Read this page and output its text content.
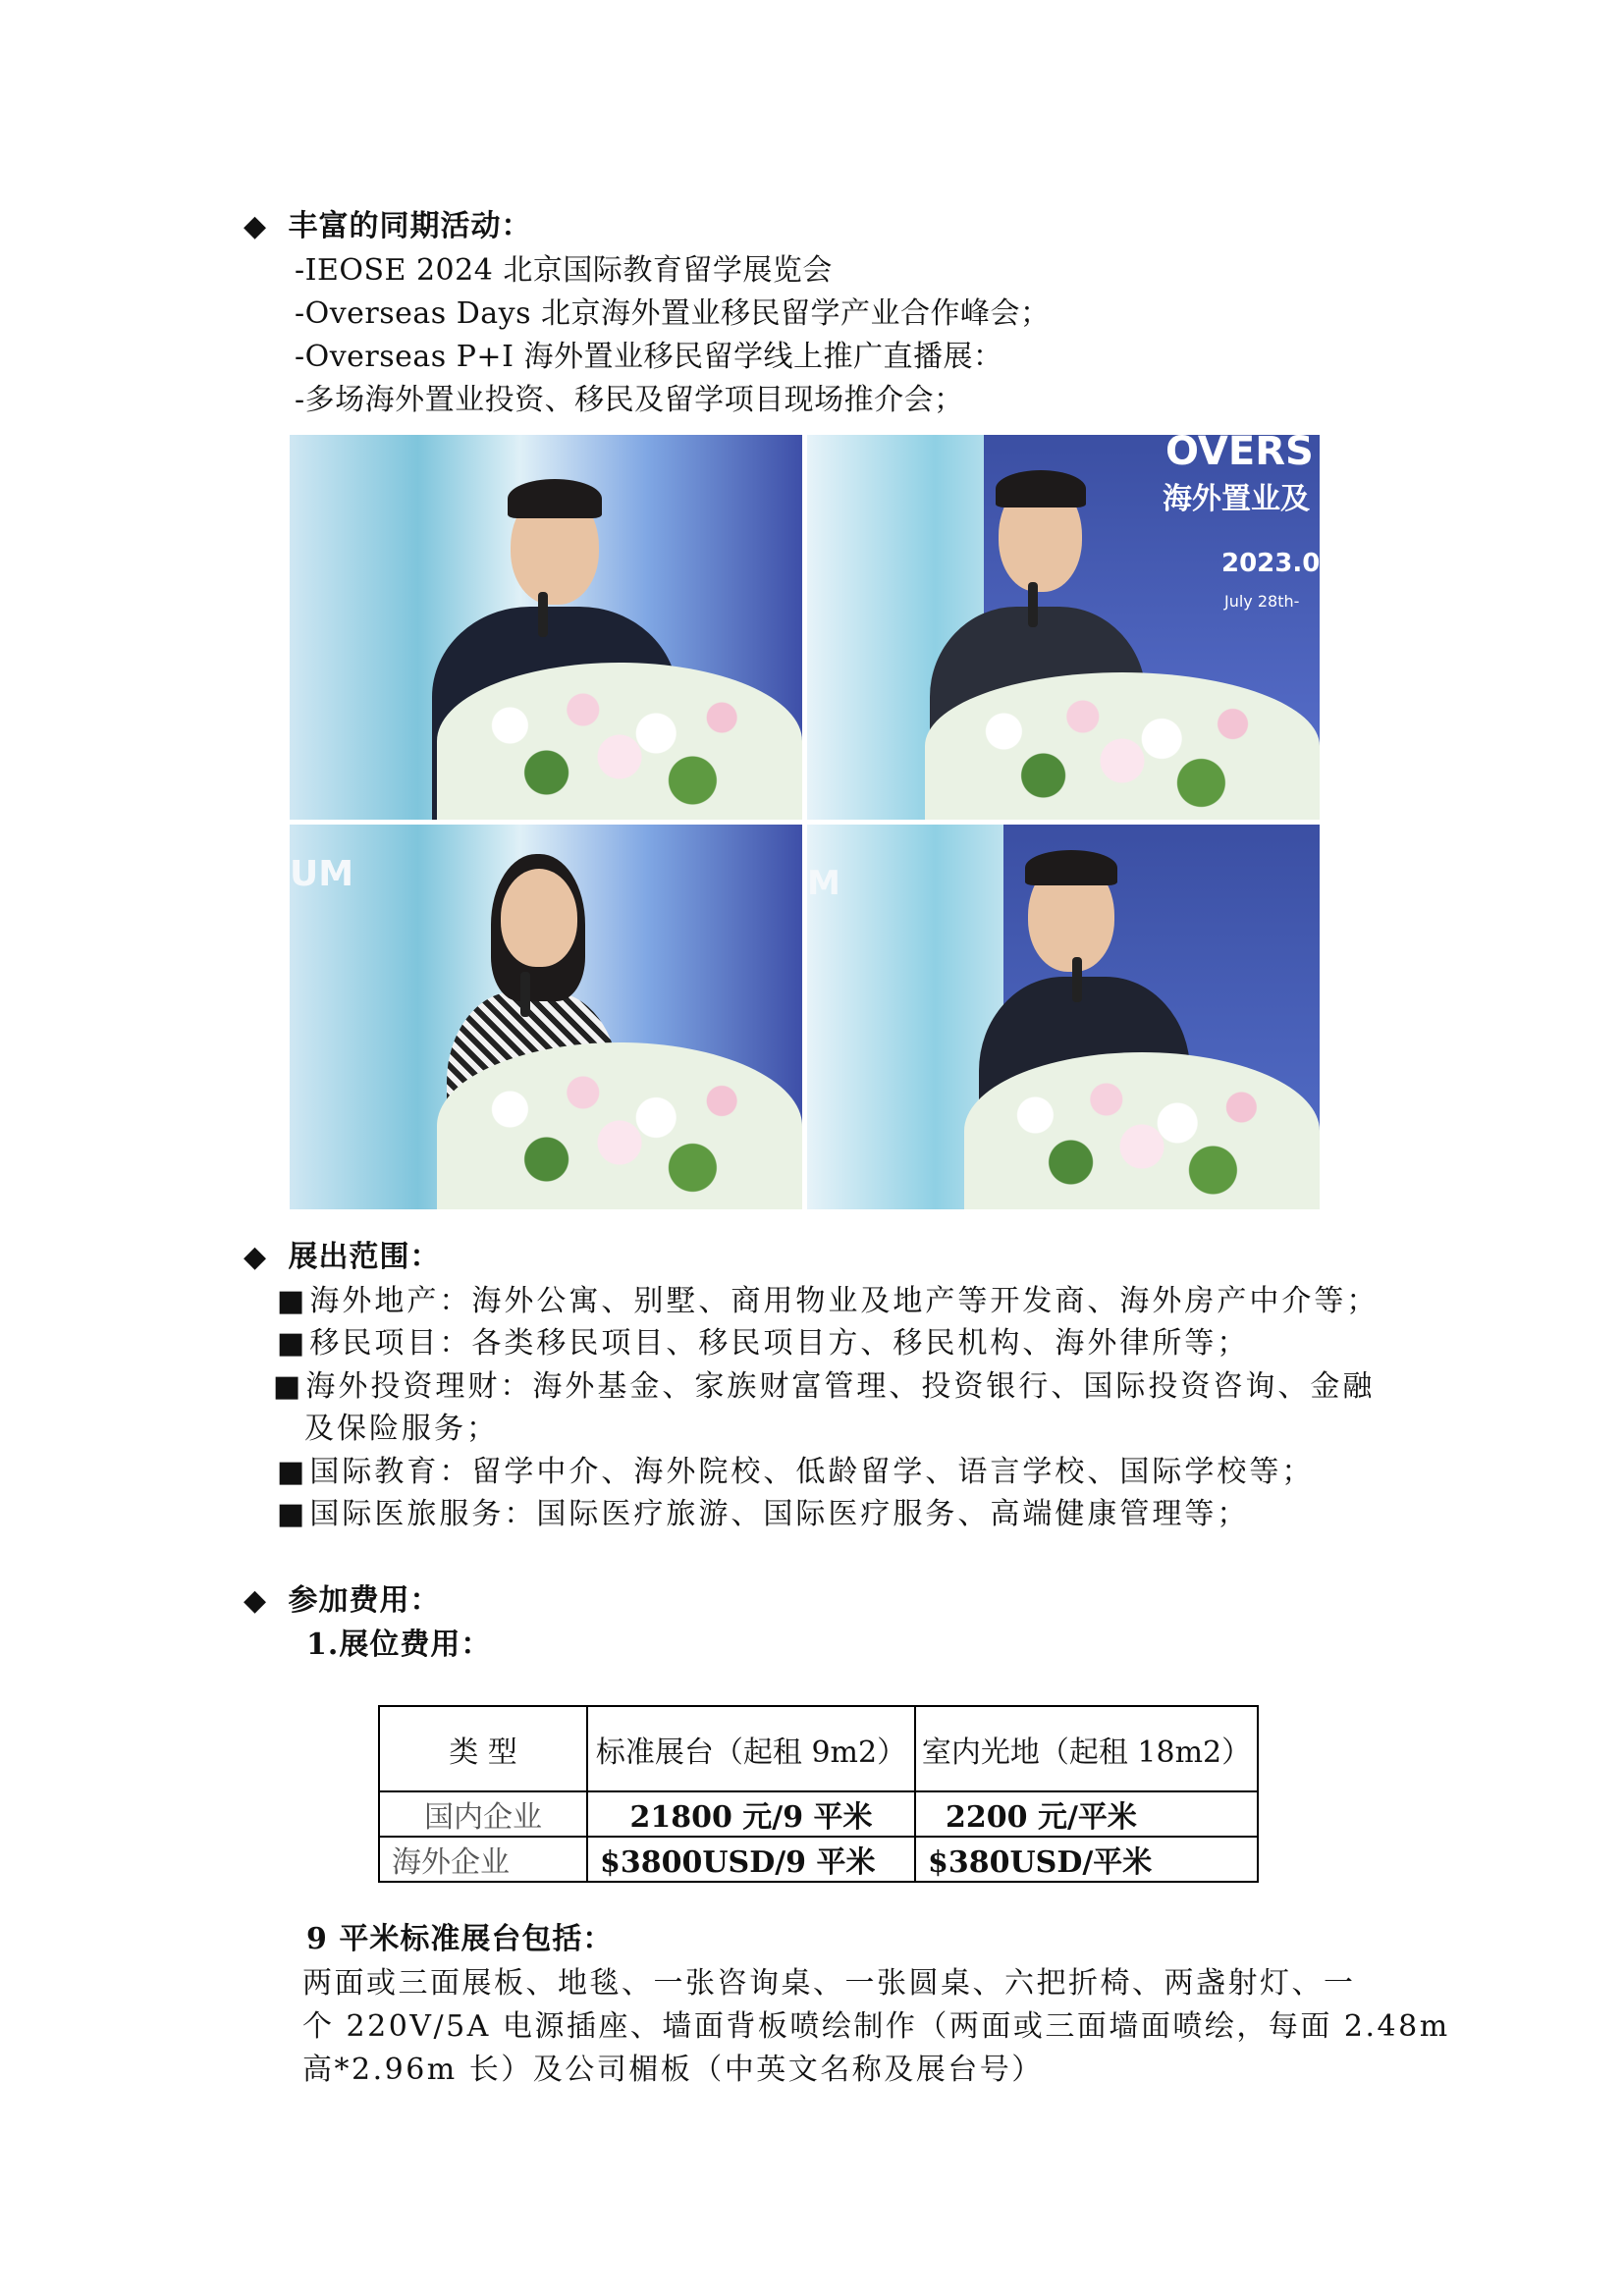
◆ 丰富的同期活动：
-IEOSE 2024 北京国际教育留学展览会
-Overseas Days 北京海外置业移民留学产业合作峰会；
-Overseas P+I 海外置业移民留学线上推广直播展：
-多场海外置业投资、移民及留学项目现场推介会；
OVERS
海外置业及
2023.0
July 28th-
UM	M
◆ 展出范围：
■海外地产：海外公寓、别墅、商用物业及地产等开发商、海外房产中介等；
■移民项目：各类移民项目、移民项目方、移民机构、海外律所等；
■海外投资理财：海外基金、家族财富管理、投资银行、国际投资咨询、金融
及保险服务；
■国际教育：留学中介、海外院校、低龄留学、语言学校、国际学校等；
■国际医旅服务：国际医疗旅游、国际医疗服务、高端健康管理等；
◆ 参加费用：
1.展位费用：
类 型	标准展台（起租 9m2）	室内光地（起租 18m2）
国内企业	21800 元/9 平米	2200 元/平米
海外企业	$3800USD/9 平米	$380USD/平米
9 平米标准展台包括：
两面或三面展板、地毯、一张咨询桌、一张圆桌、六把折椅、两盏射灯、一
个 220V/5A 电源插座、墙面背板喷绘制作（两面或三面墙面喷绘，每面 2.48m
高*2.96m 长）及公司楣板（中英文名称及展台号）
